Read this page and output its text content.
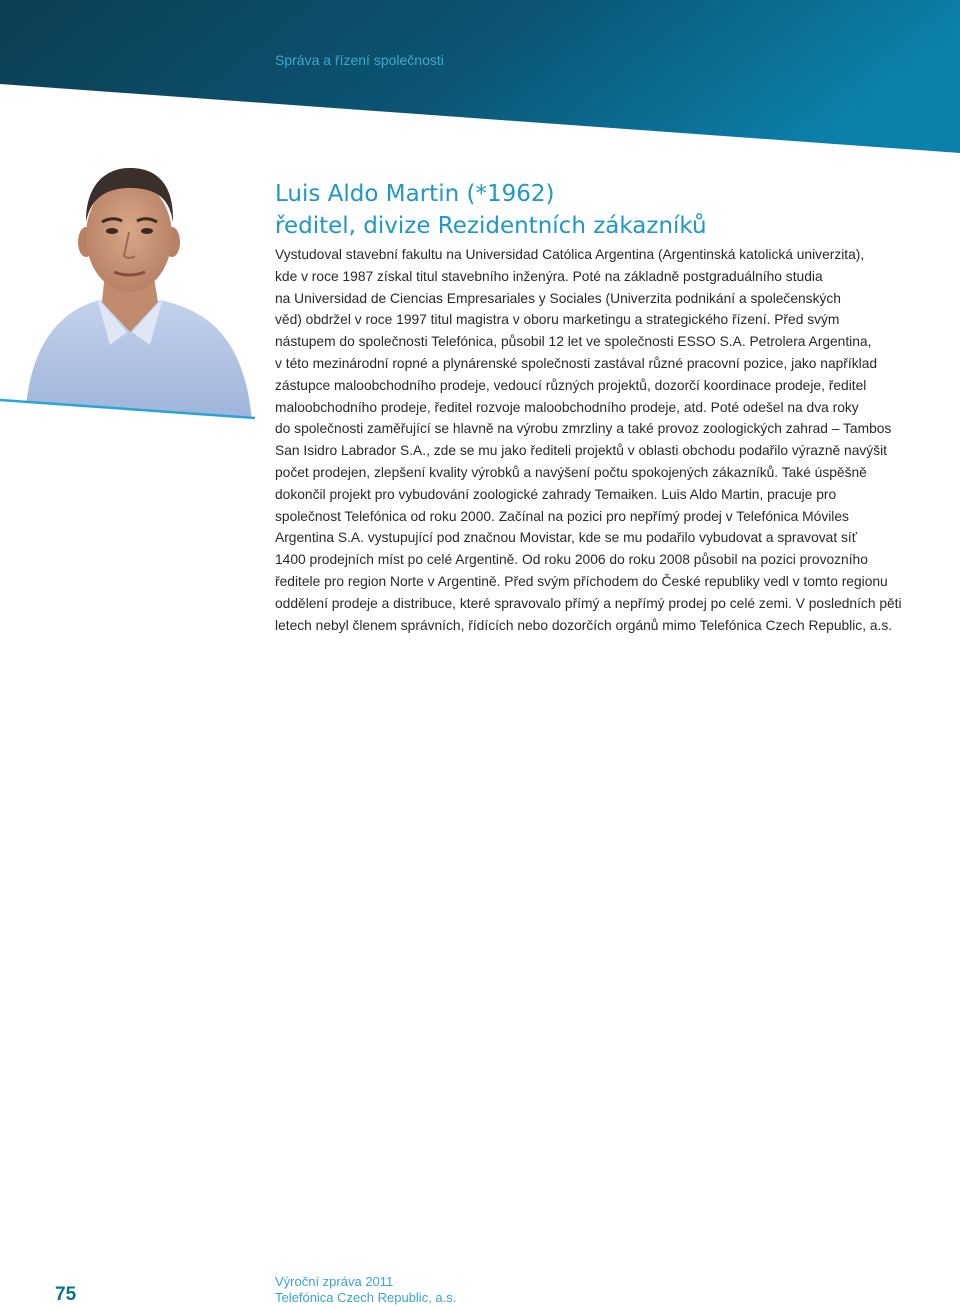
Správa a řízení společnosti
Luis Aldo Martin (*1962)
ředitel, divize Rezidentních zákazníků

Vystudoval stavební fakultu na Universidad Católica Argentina (Argentinská katolická univerzita),
kde v roce 1987 získal titul stavebního inženýra. Poté na základně postgraduálního studia
na Universidad de Ciencias Empresariales y Sociales (Univerzita podnikání a společenských
věd) obdržel v roce 1997 titul magistra v oboru marketingu a strategického řízení. Před svým
nástupem do společnosti Telefónica, působil 12 let ve společnosti ESSO S.A. Petrolera Argentina,
v této mezinárodní ropné a plynárenské společnosti zastával různé pracovní pozice, jako například
zástupce maloobchodního prodeje, vedoucí různých projektů, dozorčí koordinace prodeje, ředitel
maloobchodního prodeje, ředitel rozvoje maloobchodního prodeje, atd. Poté odešel na dva roky
do společnosti zaměřující se hlavně na výrobu zmrzliny a také provoz zoologických zahrad – Tambos
San Isidro Labrador S.A., zde se mu jako řediteli projektů v oblasti obchodu podařilo výrazně navýšit
počet prodejen, zlepšení kvality výrobků a navýšení počtu spokojených zákazníků. Také úspěšně
dokončil projekt pro vybudování zoologické zahrady Temaiken. Luis Aldo Martin, pracuje pro
společnost Telefónica od roku 2000. Začínal na pozici pro nepřímý prodej v Telefónica Móviles
Argentina S.A. vystupující pod značnou Movistar, kde se mu podařilo vybudovat a spravovat síť
1400 prodejních míst po celé Argentině. Od roku 2006 do roku 2008 působil na pozici provozního
ředitele pro region Norte v Argentině. Před svým příchodem do České republiky vedl v tomto regionu
oddělení prodeje a distribuce, které spravovalo přímý a nepřímý prodej po celé zemi. V posledních pěti
letech nebyl členem správních, řídících nebo dozorčích orgánů mimo Telefónica Czech Republic, a.s.

75
Výroční zpráva 2011
Telefónica Czech Republic, a.s.
